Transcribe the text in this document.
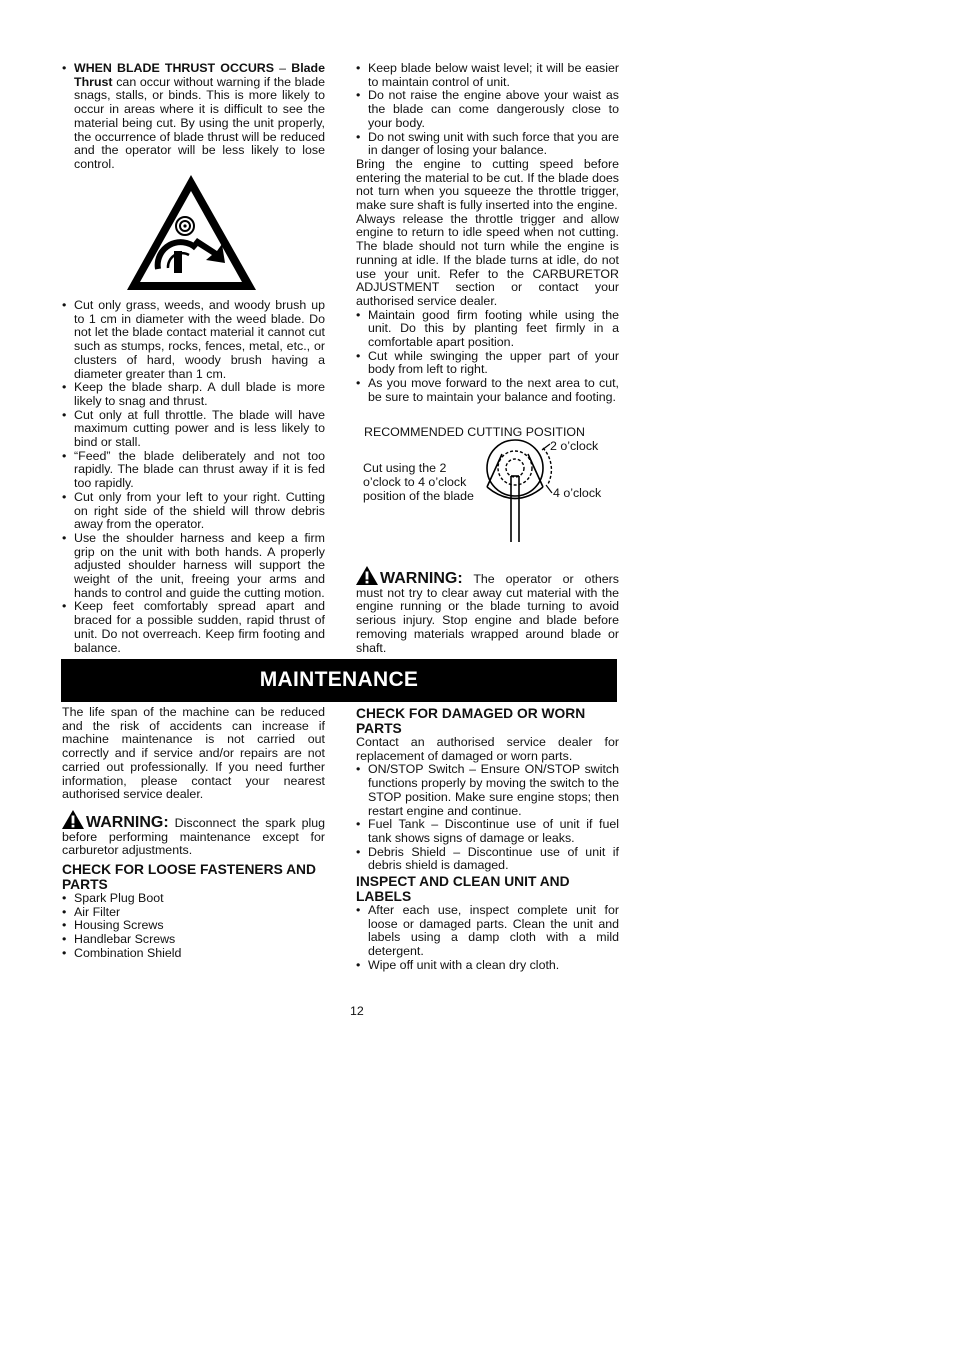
• WHEN BLADE THRUST OCCURS – Blade Thrust can occur without warning if the blade snags, stalls, or binds. This is more likely to occur in areas where it is difficult to see the material being cut. By using the unit properly, the occurrence of blade thrust will be reduced and the operator will be less likely to lose control.
• Cut only grass, weeds, and woody brush up to 1 cm in diameter with the weed blade. Do not let the blade contact material it cannot cut such as stumps, rocks, fences, metal, etc., or clusters of hard, woody brush having a diameter greater than 1 cm.
• Keep the blade sharp. A dull blade is more likely to snag and thrust.
• Cut only at full throttle. The blade will have maximum cutting power and is less likely to bind or stall.
• “Feed” the blade deliberately and not too rapidly. The blade can thrust away if it is fed too rapidly.
• Cut only from your left to your right. Cutting on right side of the shield will throw debris away from the operator.
• Use the shoulder harness and keep a firm grip on the unit with both hands. A properly adjusted shoulder harness will support the weight of the unit, freeing your arms and hands to control and guide the cutting motion.
• Keep feet comfortably spread apart and braced for a possible sudden, rapid thrust of unit. Do not overreach. Keep firm footing and balance.
• Keep blade below waist level; it will be easier to maintain control of unit.
• Do not raise the engine above your waist as the blade can come dangerously close to your body.
• Do not swing unit with such force that you are in danger of losing your balance.

Bring the engine to cutting speed before entering the material to be cut. If the blade does not turn when you squeeze the throttle trigger, make sure shaft is fully inserted into the engine.

Always release the throttle trigger and allow engine to return to idle speed when not cutting. The blade should not turn while the engine is running at idle. If the blade turns at idle, do not use your unit. Refer to the CARBURETOR ADJUSTMENT section or contact your authorised service dealer.

• Maintain good firm footing while using the unit. Do this by planting feet firmly in a comfortable apart position.
• Cut while swinging the upper part of your body from left to right.
• As you move forward to the next area to cut, be sure to maintain your balance and footing.
RECOMMENDED CUTTING POSITION
Cut using the 2 o’clock to 4 o’clock position of the blade
2 o’clock
4 o’clock

WARNING: The operator or others must not try to clear away cut material with the engine running or the blade turning to avoid serious injury. Stop engine and blade before removing materials wrapped around blade or shaft.

MAINTENANCE

The life span of the machine can be reduced and the risk of accidents can increase if machine maintenance is not carried out correctly and if service and/or repairs are not carried out professionally. If you need further information, please contact your nearest authorised service dealer.

WARNING: Disconnect the spark plug before performing maintenance except for carburetor adjustments.

CHECK FOR LOOSE FASTENERS AND PARTS
• Spark Plug Boot
• Air Filter
• Housing Screws
• Handlebar Screws
• Combination Shield
CHECK FOR DAMAGED OR WORN PARTS

Contact an authorised service dealer for replacement of damaged or worn parts.

• ON/STOP Switch – Ensure ON/STOP switch functions properly by moving the switch to the STOP position. Make sure engine stops; then restart engine and continue.
• Fuel Tank – Discontinue use of unit if fuel tank shows signs of damage or leaks.
• Debris Shield – Discontinue use of unit if debris shield is damaged.
INSPECT AND CLEAN UNIT AND LABELS
• After each use, inspect complete unit for loose or damaged parts. Clean the unit and labels using a damp cloth with a mild detergent.
• Wipe off unit with a clean dry cloth.
12
